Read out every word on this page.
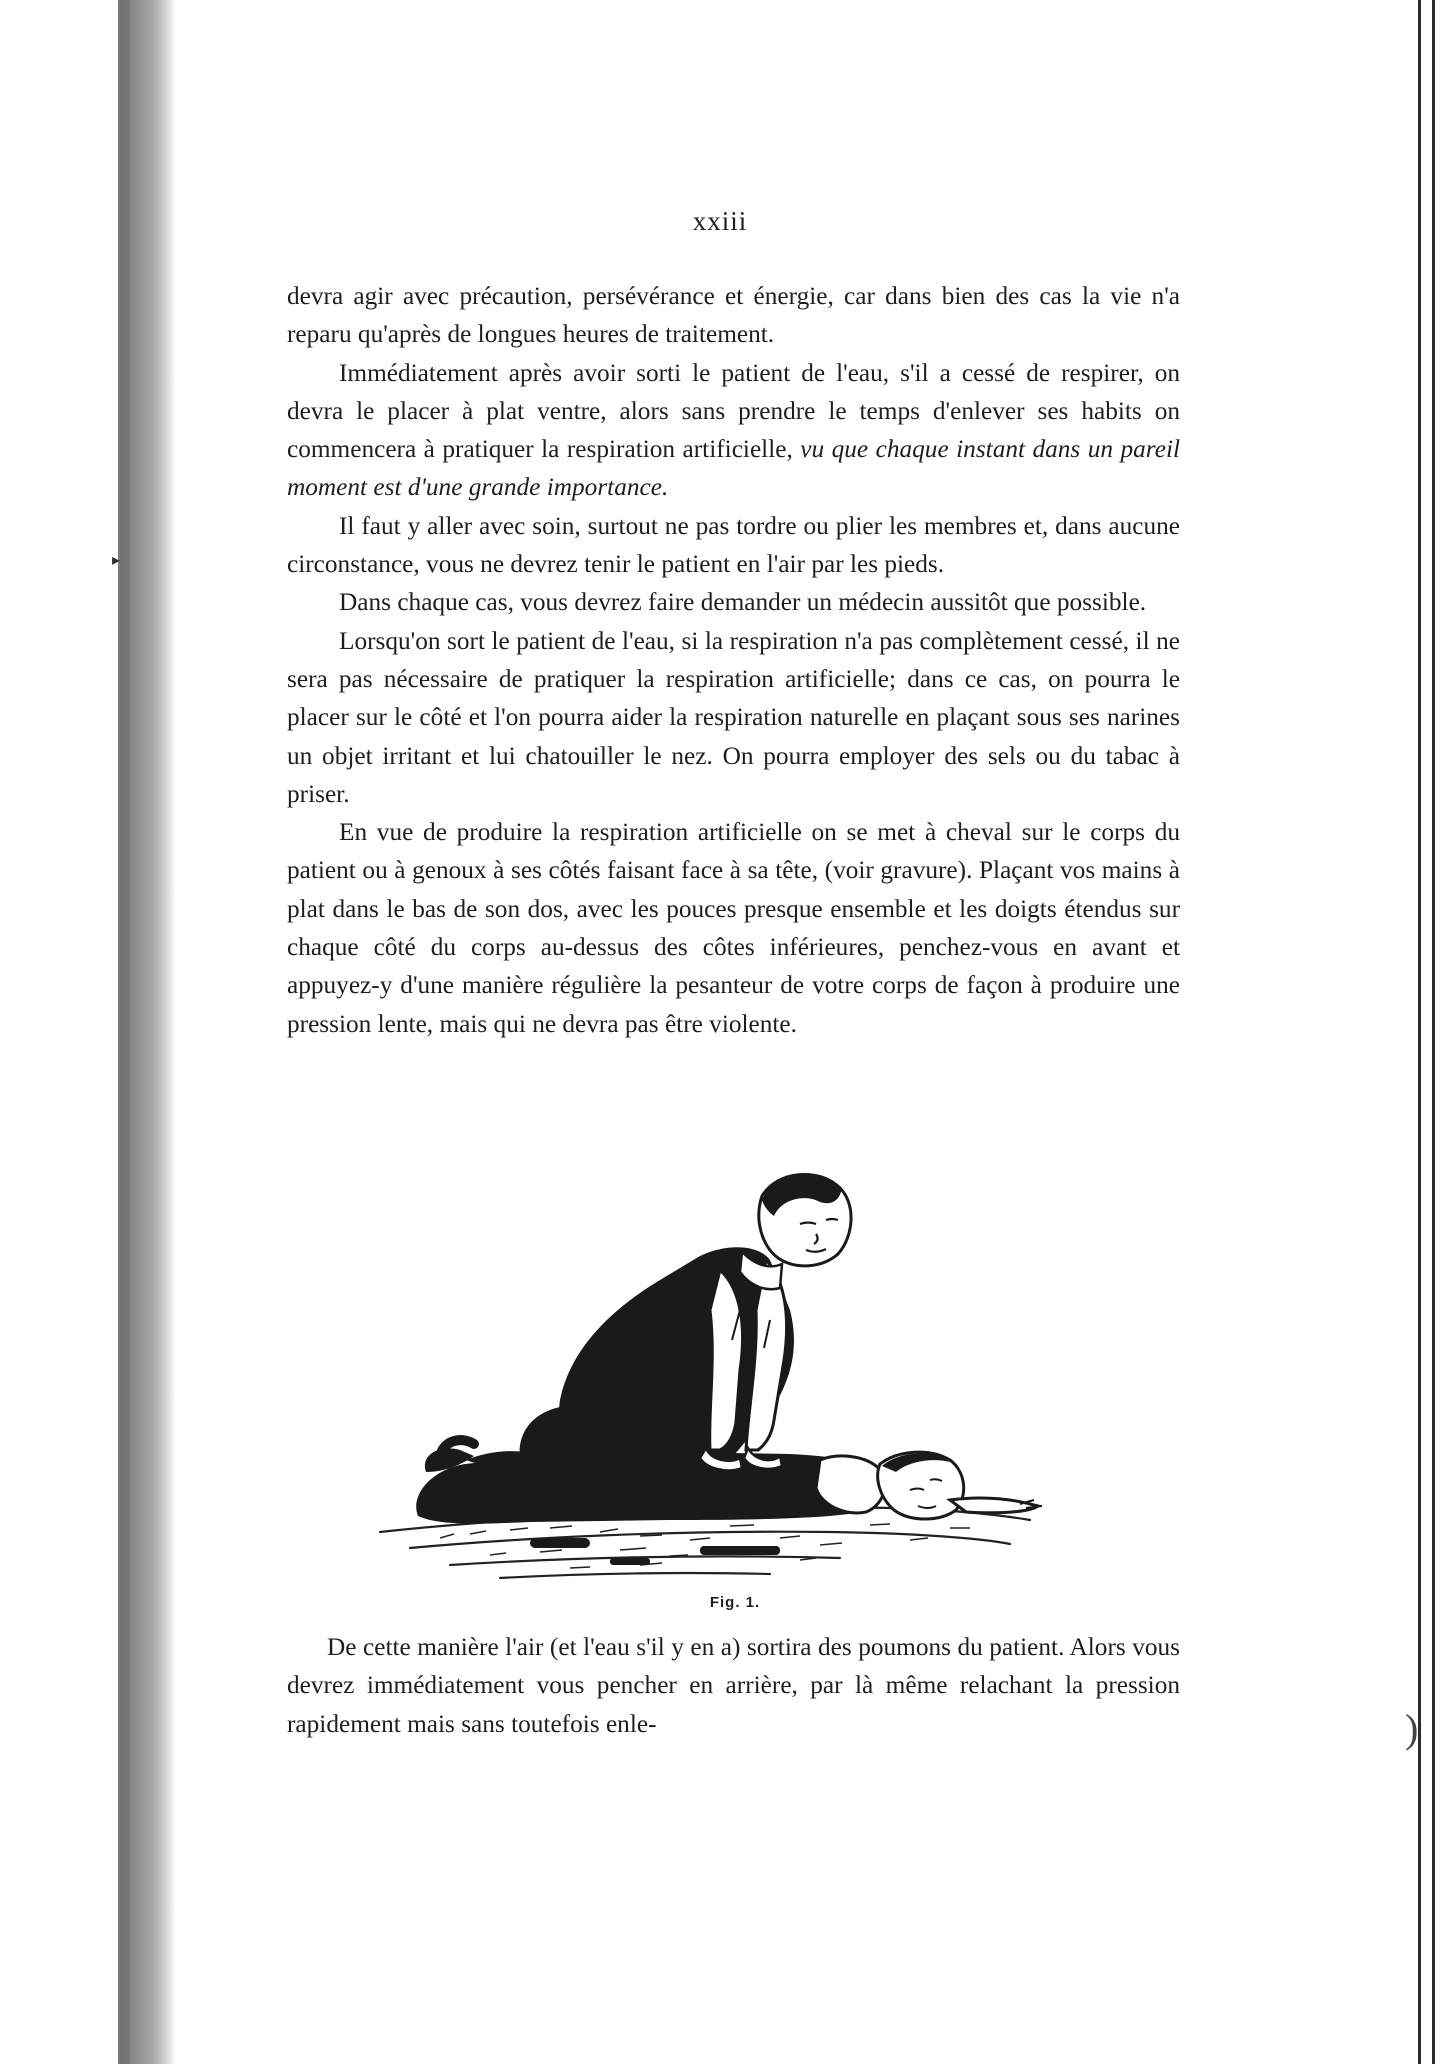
▸
)
xxiii

devra agir avec précaution, persévérance et énergie, car dans bien des cas la vie n'a reparu qu'après de longues heures de traitement.

Immédiatement après avoir sorti le patient de l'eau, s'il a cessé de respirer, on devra le placer à plat ventre, alors sans prendre le temps d'enlever ses habits on commencera à pratiquer la respiration artificielle, vu que chaque instant dans un pareil moment est d'une grande importance.

Il faut y aller avec soin, surtout ne pas tordre ou plier les membres et, dans aucune circonstance, vous ne devrez tenir le patient en l'air par les pieds.

Dans chaque cas, vous devrez faire demander un médecin aussitôt que possible.

Lorsqu'on sort le patient de l'eau, si la respiration n'a pas complètement cessé, il ne sera pas nécessaire de pratiquer la respiration artificielle; dans ce cas, on pourra le placer sur le côté et l'on pourra aider la respiration naturelle en plaçant sous ses narines un objet irritant et lui chatouiller le nez. On pourra employer des sels ou du tabac à priser.

En vue de produire la respiration artificielle on se met à cheval sur le corps du patient ou à genoux à ses côtés faisant face à sa tête, (voir gravure). Plaçant vos mains à plat dans le bas de son dos, avec les pouces presque ensemble et les doigts étendus sur chaque côté du corps au-dessus des côtes inférieures, penchez-vous en avant et appuyez-y d'une manière régulière la pesanteur de votre corps de façon à produire une pression lente, mais qui ne devra pas être violente.

Fig. 1.

De cette manière l'air (et l'eau s'il y en a) sortira des poumons du patient. Alors vous devrez immédiatement vous pencher en arrière, par là même relachant la pression rapidement mais sans toutefois enle-
